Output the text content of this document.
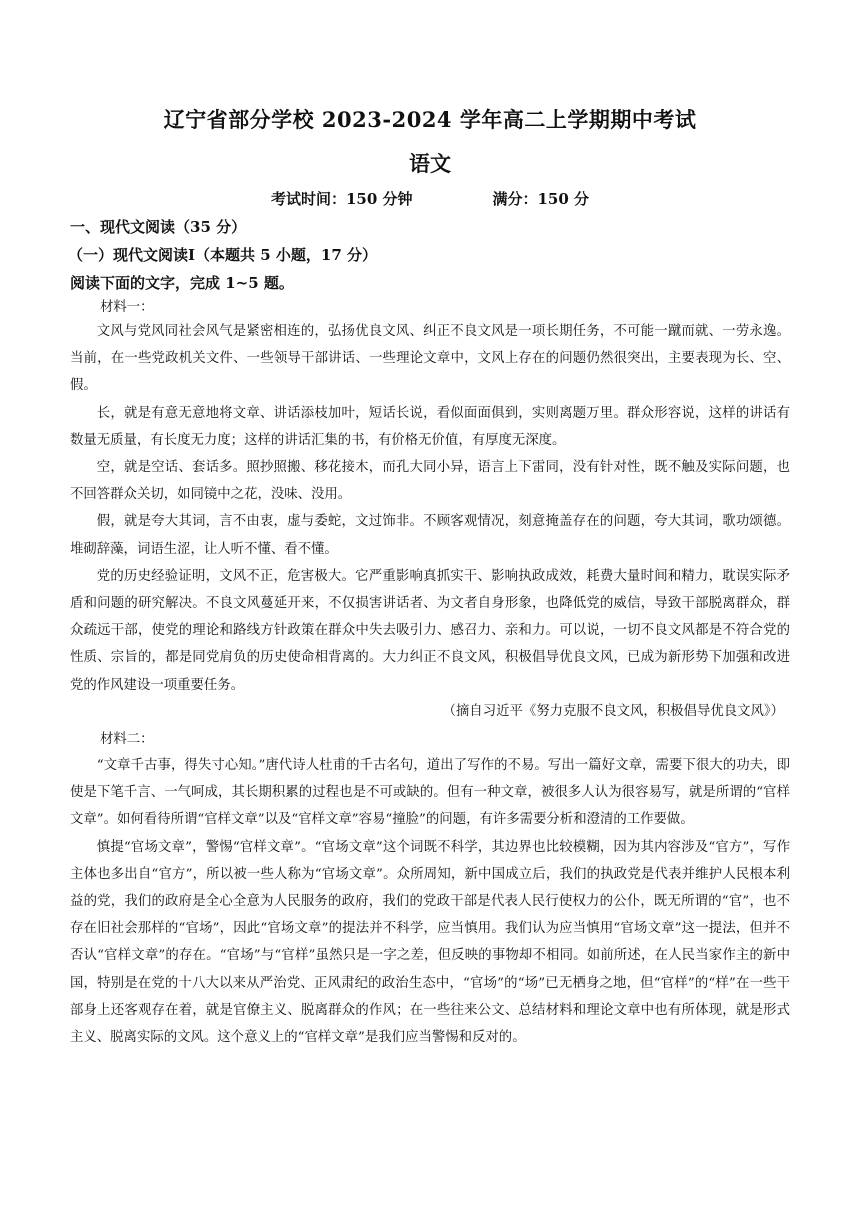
辽宁省部分学校 2023-2024 学年高二上学期期中考试
语文
考试时间：150 分钟	满分：150 分
一、现代文阅读（35 分）
（一）现代文阅读I（本题共 5 小题，17 分）
阅读下面的文字，完成 1~5 题。
材料一：

文风与党风同社会风气是紧密相连的，弘扬优良文风、纠正不良文风是一项长期任务，不可能一蹴而就、一劳永逸。当前，在一些党政机关文件、一些领导干部讲话、一些理论文章中，文风上存在的问题仍然很突出，主要表现为长、空、假。

长，就是有意无意地将文章、讲话添枝加叶，短话长说，看似面面俱到，实则离题万里。群众形容说，这样的讲话有数量无质量，有长度无力度；这样的讲话汇集的书，有价格无价值，有厚度无深度。

空，就是空话、套话多。照抄照搬、移花接木，而孔大同小异，语言上下雷同，没有针对性，既不触及实际问题，也不回答群众关切，如同镜中之花，没味、没用。

假，就是夸大其词，言不由衷，虚与委蛇，文过饰非。不顾客观情况，刻意掩盖存在的问题，夸大其词，歌功颂德。堆砌辞藻，词语生涩，让人听不懂、看不懂。

党的历史经验证明，文风不正，危害极大。它严重影响真抓实干、影响执政成效，耗费大量时间和精力，耽误实际矛盾和问题的研究解决。不良文风蔓延开来，不仅损害讲话者、为文者自身形象，也降低党的威信，导致干部脱离群众，群众疏远干部，使党的理论和路线方针政策在群众中失去吸引力、感召力、亲和力。可以说，一切不良文风都是不符合党的性质、宗旨的，都是同党肩负的历史使命相背离的。大力纠正不良文风，积极倡导优良文风，已成为新形势下加强和改进党的作风建设一项重要任务。

（摘自习近平《努力克服不良文风，积极倡导优良文风》）
材料二：

“文章千古事，得失寸心知。”唐代诗人杜甫的千古名句，道出了写作的不易。写出一篇好文章，需要下很大的功夫，即使是下笔千言、一气呵成，其长期积累的过程也是不可或缺的。但有一种文章，被很多人认为很容易写，就是所谓的“官样文章”。如何看待所谓“官样文章”以及“官样文章”容易“撞脸”的问题，有许多需要分析和澄清的工作要做。

慎提“官场文章”，警惕“官样文章”。“官场文章”这个词既不科学，其边界也比较模糊，因为其内容涉及“官方”，写作主体也多出自“官方”，所以被一些人称为“官场文章”。众所周知，新中国成立后，我们的执政党是代表并维护人民根本利益的党，我们的政府是全心全意为人民服务的政府，我们的党政干部是代表人民行使权力的公仆，既无所谓的“官”，也不存在旧社会那样的“官场”，因此“官场文章”的提法并不科学，应当慎用。我们认为应当慎用“官场文章”这一提法，但并不否认“官样文章”的存在。“官场”与“官样”虽然只是一字之差，但反映的事物却不相同。如前所述，在人民当家作主的新中国，特别是在党的十八大以来从严治党、正风肃纪的政治生态中，“官场”的“场”已无栖身之地，但“官样”的“样”在一些干部身上还客观存在着，就是官僚主义、脱离群众的作风；在一些往来公文、总结材料和理论文章中也有所体现，就是形式主义、脱离实际的文风。这个意义上的“官样文章”是我们应当警惕和反对的。
